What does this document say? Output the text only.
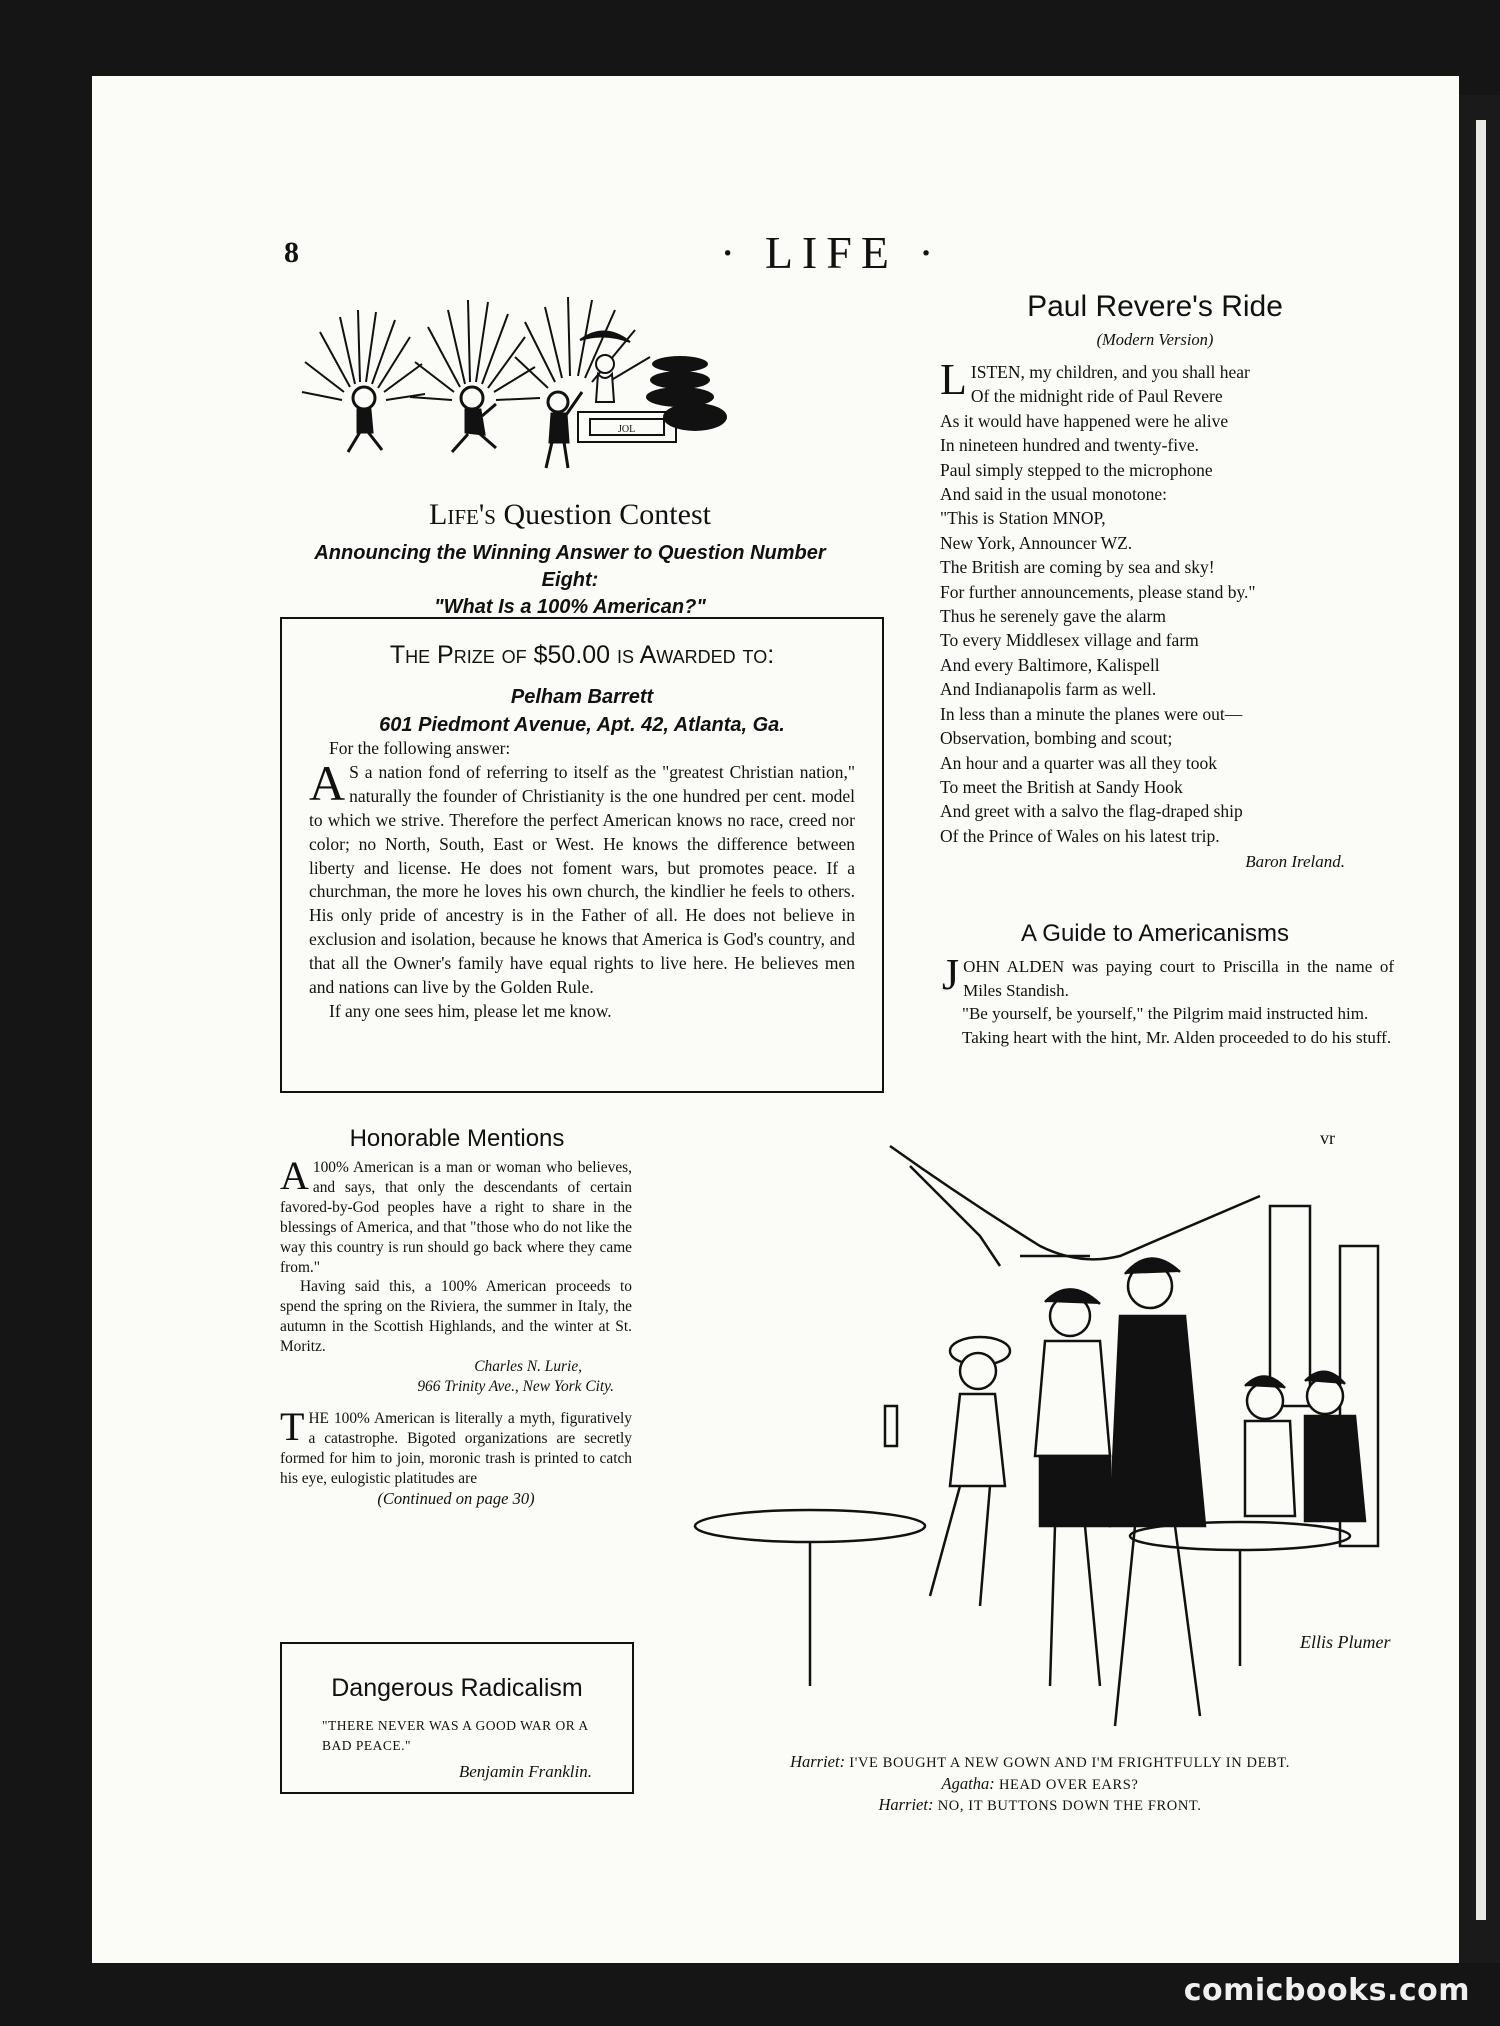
8	· LIFE ·
JOL
Life's Question Contest
Announcing the Winning Answer to Question Number Eight:
"What Is a 100% American?"
The Prize of $50.00 is Awarded to:
Pelham Barrett
601 Piedmont Avenue, Apt. 42, Atlanta, Ga.

For the following answer:

A S a nation fond of referring to itself as the "greatest Christian nation," naturally the founder of Christianity is the one hundred per cent. model to which we strive. Therefore the perfect American knows no race, creed nor color; no North, South, East or West. He knows the difference between liberty and license. He does not foment wars, but promotes peace. If a churchman, the more he loves his own church, the kindlier he feels to others. His only pride of ancestry is in the Father of all. He does not believe in exclusion and isolation, because he knows that America is God's country, and that all the Owner's family have equal rights to live here. He believes men and nations can live by the Golden Rule.

If any one sees him, please let me know.

Honorable Mentions

A 100% American is a man or woman who believes, and says, that only the descendants of certain favored-by-God peoples have a right to share in the blessings of America, and that "those who do not like the way this country is run should go back where they came from."

Having said this, a 100% American proceeds to spend the spring on the Riviera, the summer in Italy, the autumn in the Scottish Highlands, and the winter at St. Moritz.

Charles N. Lurie,

966 Trinity Ave., New York City.

THE 100% American is literally a myth, figuratively a catastrophe. Bigoted organizations are secretly formed for him to join, moronic trash is printed to catch his eye, eulogistic platitudes are

(Continued on page 30)

Dangerous Radicalism
"THERE NEVER WAS A GOOD WAR OR A BAD PEACE."
Benjamin Franklin.
Paul Revere's Ride
(Modern Version)
LISTEN, my children, and you shall hear
Of the midnight ride of Paul Revere
As it would have happened were he alive
In nineteen hundred and twenty-five.
Paul simply stepped to the microphone
And said in the usual monotone:
"This is Station MNOP,
New York, Announcer WZ.
The British are coming by sea and sky!
For further announcements, please stand by."
Thus he serenely gave the alarm
To every Middlesex village and farm
And every Baltimore, Kalispell
And Indianapolis farm as well.
In less than a minute the planes were out—
Observation, bombing and scout;
An hour and a quarter was all they took
To meet the British at Sandy Hook
And greet with a salvo the flag-draped ship
Of the Prince of Wales on his latest trip.
Baron Ireland.
A Guide to Americanisms

JOHN ALDEN was paying court to Priscilla in the name of Miles Standish.

"Be yourself, be yourself," the Pilgrim maid instructed him.

Taking heart with the hint, Mr. Alden proceeded to do his stuff.

Ellis Plumer
vr
Harriet: I'VE BOUGHT A NEW GOWN AND I'M FRIGHTFULLY IN DEBT.
Agatha: HEAD OVER EARS?
Harriet: NO, IT BUTTONS DOWN THE FRONT.
comicbooks.com
